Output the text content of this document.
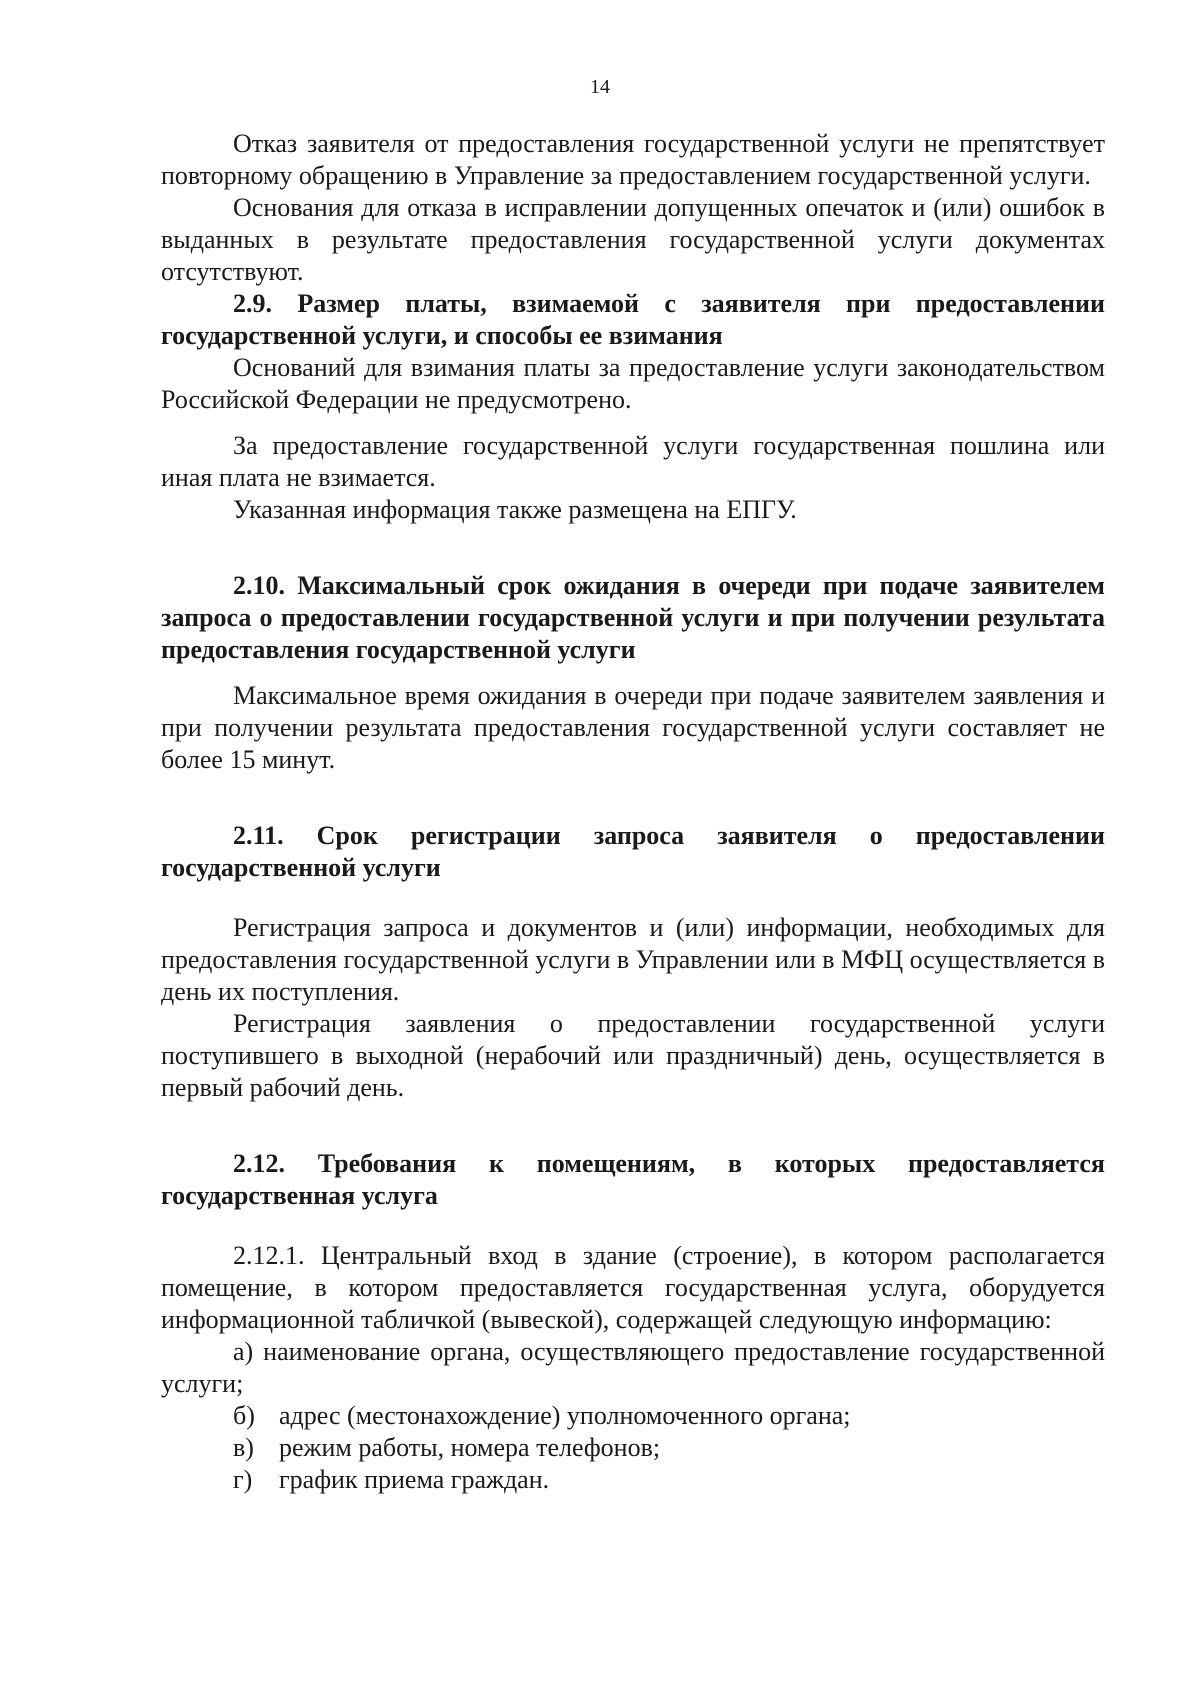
14

Отказ заявителя от предоставления государственной услуги не препятствует повторному обращению в Управление за предоставлением государственной услуги.

Основания для отказа в исправлении допущенных опечаток и (или) ошибок в выданных в результате предоставления государственной услуги документах отсутствуют.

2.9. Размер платы, взимаемой с заявителя при предоставлении государственной услуги, и способы ее взимания

Оснований для взимания платы за предоставление услуги законодательством Российской Федерации не предусмотрено.

За предоставление государственной услуги государственная пошлина или иная плата не взимается.

Указанная информация также размещена на ЕПГУ.

2.10. Максимальный срок ожидания в очереди при подаче заявителем запроса о предоставлении государственной услуги и при получении результата предоставления государственной услуги

Максимальное время ожидания в очереди при подаче заявителем заявления и при получении результата предоставления государственной услуги составляет не более 15 минут.

2.11. Срок регистрации запроса заявителя о предоставлении государственной услуги

Регистрация запроса и документов и (или) информации, необходимых для предоставления государственной услуги в Управлении или в МФЦ осуществляется в день их поступления.

Регистрация заявления о предоставлении государственной услуги поступившего в выходной (нерабочий или праздничный) день, осуществляется в первый рабочий день.

2.12. Требования к помещениям, в которых предоставляется государственная услуга

2.12.1. Центральный вход в здание (строение), в котором располагается помещение, в котором предоставляется государственная услуга, оборудуется информационной табличкой (вывеской), содержащей следующую информацию:

а) наименование органа, осуществляющего предоставление государственной услуги;

б) адрес (местонахождение) уполномоченного органа;

в) режим работы, номера телефонов;

г)	график приема граждан.
